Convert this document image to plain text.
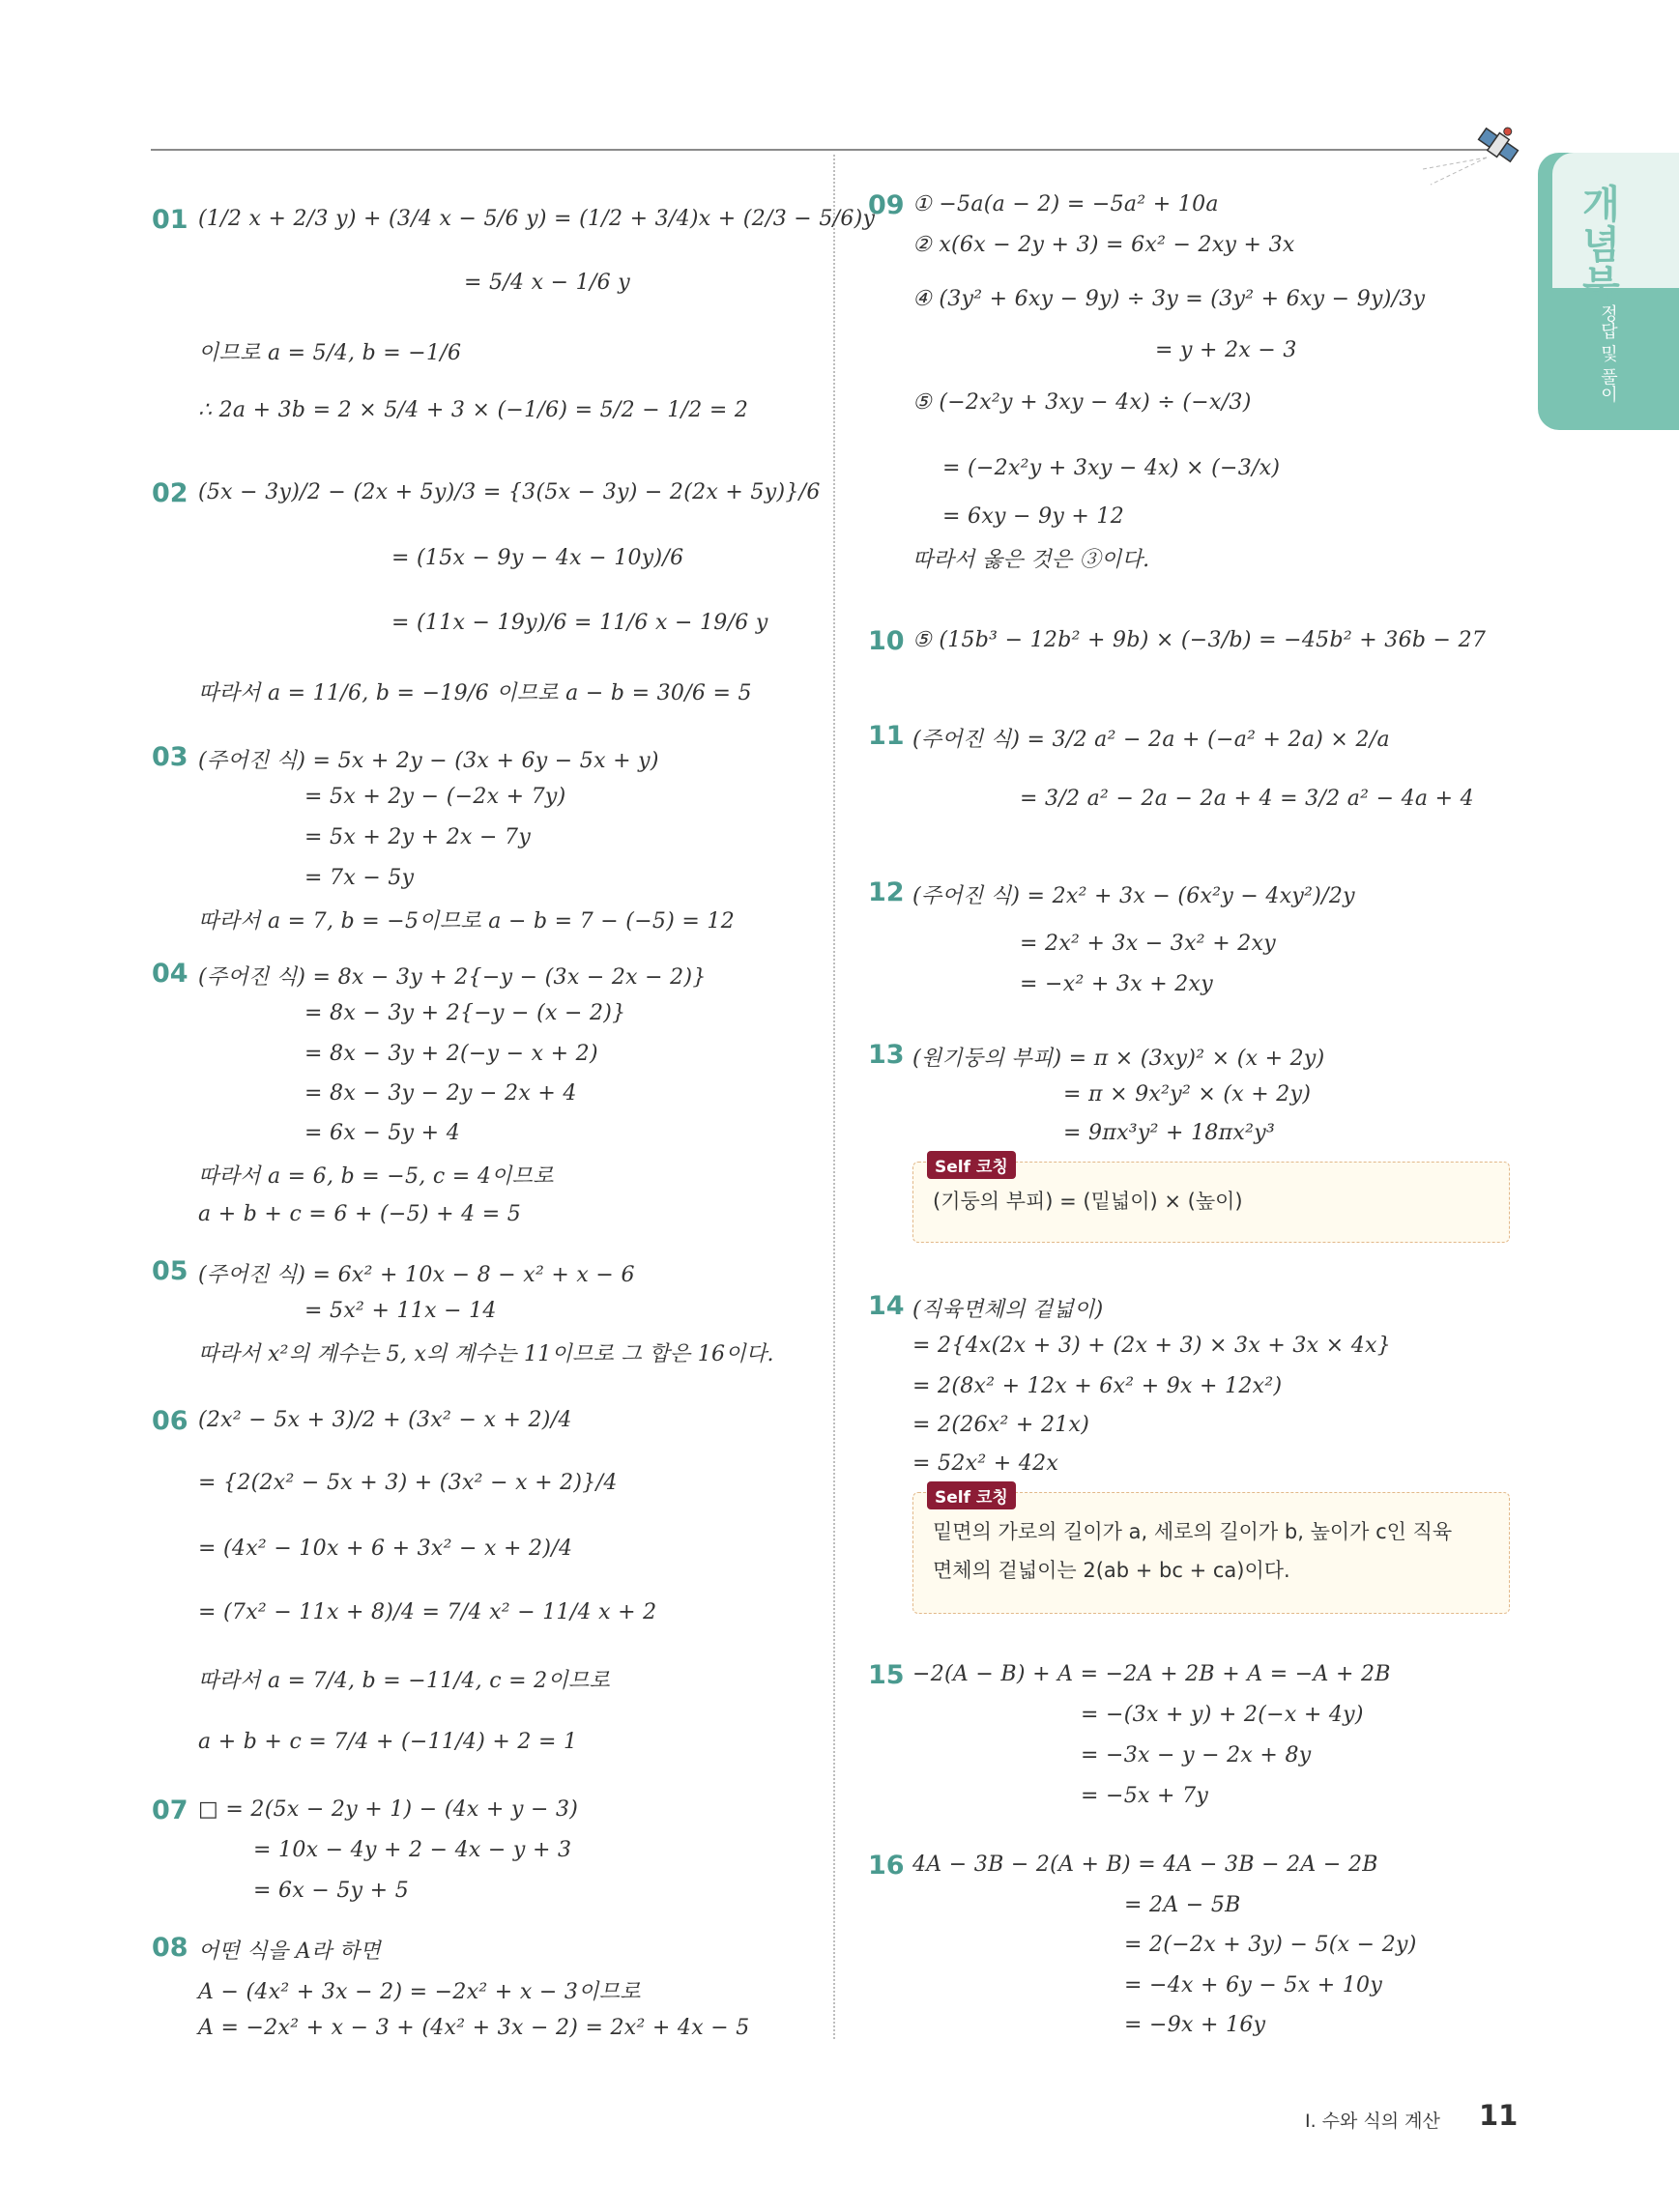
개념북
정답 및 풀이
01 (1/2 x + 2/3 y) + (3/4 x − 5/6 y) = (1/2 + 3/4)x + (2/3 − 5/6)y
= 5/4 x − 1/6 y
이므로 a = 5/4, b = −1/6
∴ 2a + 3b = 2 × 5/4 + 3 × (−1/6) = 5/2 − 1/2 = 2
02 (5x − 3y)/2 − (2x + 5y)/3 = {3(5x − 3y) − 2(2x + 5y)}/6
= (15x − 9y − 4x − 10y)/6
= (11x − 19y)/6 = 11/6 x − 19/6 y
따라서 a = 11/6, b = −19/6 이므로 a − b = 30/6 = 5
03 (주어진 식) = 5x + 2y − (3x + 6y − 5x + y)
= 5x + 2y − (−2x + 7y)
= 5x + 2y + 2x − 7y
= 7x − 5y
따라서 a = 7, b = −5이므로 a − b = 7 − (−5) = 12
04 (주어진 식) = 8x − 3y + 2{−y − (3x − 2x − 2)}
= 8x − 3y + 2{−y − (x − 2)}
= 8x − 3y + 2(−y − x + 2)
= 8x − 3y − 2y − 2x + 4
= 6x − 5y + 4
따라서 a = 6, b = −5, c = 4이므로
a + b + c = 6 + (−5) + 4 = 5
05 (주어진 식) = 6x² + 10x − 8 − x² + x − 6
= 5x² + 11x − 14
따라서 x²의 계수는 5, x의 계수는 11이므로 그 합은 16이다.
06 (2x² − 5x + 3)/2 + (3x² − x + 2)/4
= {2(2x² − 5x + 3) + (3x² − x + 2)}/4
= (4x² − 10x + 6 + 3x² − x + 2)/4
= (7x² − 11x + 8)/4 = 7/4 x² − 11/4 x + 2
따라서 a = 7/4, b = −11/4, c = 2이므로
a + b + c = 7/4 + (−11/4) + 2 = 1
07 □ = 2(5x − 2y + 1) − (4x + y − 3)
= 10x − 4y + 2 − 4x − y + 3
= 6x − 5y + 5
08 어떤 식을 A라 하면
A − (4x² + 3x − 2) = −2x² + x − 3이므로
A = −2x² + x − 3 + (4x² + 3x − 2) = 2x² + 4x − 5
09 ① −5a(a − 2) = −5a² + 10a
② x(6x − 2y + 3) = 6x² − 2xy + 3x
④ (3y² + 6xy − 9y) ÷ 3y = (3y² + 6xy − 9y)/3y
= y + 2x − 3
⑤ (−2x²y + 3xy − 4x) ÷ (−x/3)
= (−2x²y + 3xy − 4x) × (−3/x)
= 6xy − 9y + 12
따라서 옳은 것은 ③이다.
10 ⑤ (15b³ − 12b² + 9b) × (−3/b) = −45b² + 36b − 27
11 (주어진 식) = 3/2 a² − 2a + (−a² + 2a) × 2/a
= 3/2 a² − 2a − 2a + 4 = 3/2 a² − 4a + 4
12 (주어진 식) = 2x² + 3x − (6x²y − 4xy²)/2y
= 2x² + 3x − 3x² + 2xy
= −x² + 3x + 2xy
13 (원기둥의 부피) = π × (3xy)² × (x + 2y)
= π × 9x²y² × (x + 2y)
= 9πx³y² + 18πx²y³
Self 코칭
(기둥의 부피) = (밑넓이) × (높이)
14 (직육면체의 겉넓이)
= 2{4x(2x + 3) + (2x + 3) × 3x + 3x × 4x}
= 2(8x² + 12x + 6x² + 9x + 12x²)
= 2(26x² + 21x)
= 52x² + 42x
Self 코칭
밑면의 가로의 길이가 a, 세로의 길이가 b, 높이가 c인 직육
면체의 겉넓이는 2(ab + bc + ca)이다.
15 −2(A − B) + A = −2A + 2B + A = −A + 2B
= −(3x + y) + 2(−x + 4y)
= −3x − y − 2x + 8y
= −5x + 7y
16 4A − 3B − 2(A + B) = 4A − 3B − 2A − 2B
= 2A − 5B
= 2(−2x + 3y) − 5(x − 2y)
= −4x + 6y − 5x + 10y
= −9x + 16y
Ⅰ. 수와 식의 계산 11
